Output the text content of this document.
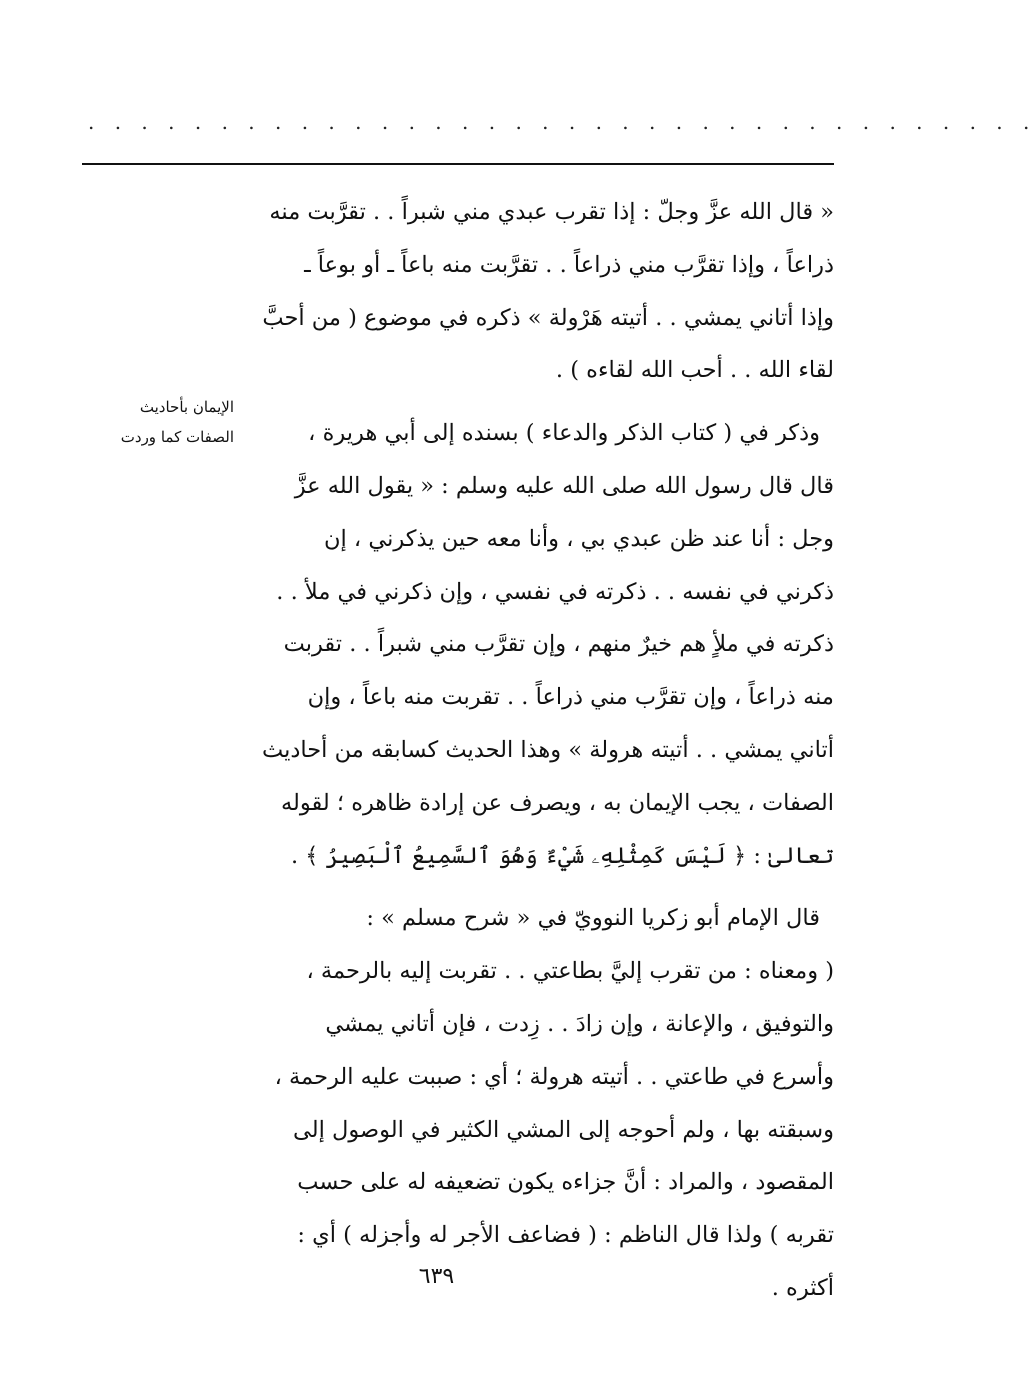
. . . . . . . . . . . . . . . . . . . . . . . . . . . . . . . . . . . .
الإيمان بأحاديث
الصفات كما وردت
« قال الله عزَّ وجلّ : إذا تقرب عبدي مني شبراً . . تقرَّبت منه
ذراعاً ، وإذا تقرَّب مني ذراعاً . . تقرَّبت منه باعاً ـ أو بوعاً ـ
وإذا أتاني يمشي . . أتيته هَرْولة » ذكره في موضوع ( من أحبَّ
لقاء الله . . أحب الله لقاءه ) .
وذكر في ( كتاب الذكر والدعاء ) بسنده إلى أبي هريرة ،
قال قال رسول الله صلى الله عليه وسلم : « يقول الله عزَّ
وجل : أنا عند ظن عبدي بي ، وأنا معه حين يذكرني ، إن
ذكرني في نفسه . . ذكرته في نفسي ، وإن ذكرني في ملأ . .
ذكرته في ملأٍ هم خيرٌ منهم ، وإن تقرَّب مني شبراً . . تقربت
منه ذراعاً ، وإن تقرَّب مني ذراعاً . . تقربت منه باعاً ، وإن
أتاني يمشي . . أتيته هرولة » وهذا الحديث كسابقه من أحاديث
الصفات ، يجب الإيمان به ، ويصرف عن إرادة ظاهره ؛ لقوله
تعالىٰ : ﴿ لَيْسَ كَمِثْلِهِۦ شَيْءٌ وَهُوَ ٱلسَّمِيعُ ٱلْبَصِيرُ ﴾ .
قال الإمام أبو زكريا النوويّ في « شرح مسلم » :
( ومعناه : من تقرب إليَّ بطاعتي . . تقربت إليه بالرحمة ،
والتوفيق ، والإعانة ، وإن زادَ . . زِدت ، فإن أتاني يمشي
وأسرع في طاعتي . . أتيته هرولة ؛ أي : صببت عليه الرحمة ،
وسبقته بها ، ولم أحوجه إلى المشي الكثير في الوصول إلى
المقصود ، والمراد : أنَّ جزاءه يكون تضعيفه له على حسب
تقربه ) ولذا قال الناظم : ( فضاعف الأجر له وأجزله ) أي :
أكثره .
٦٣٩
